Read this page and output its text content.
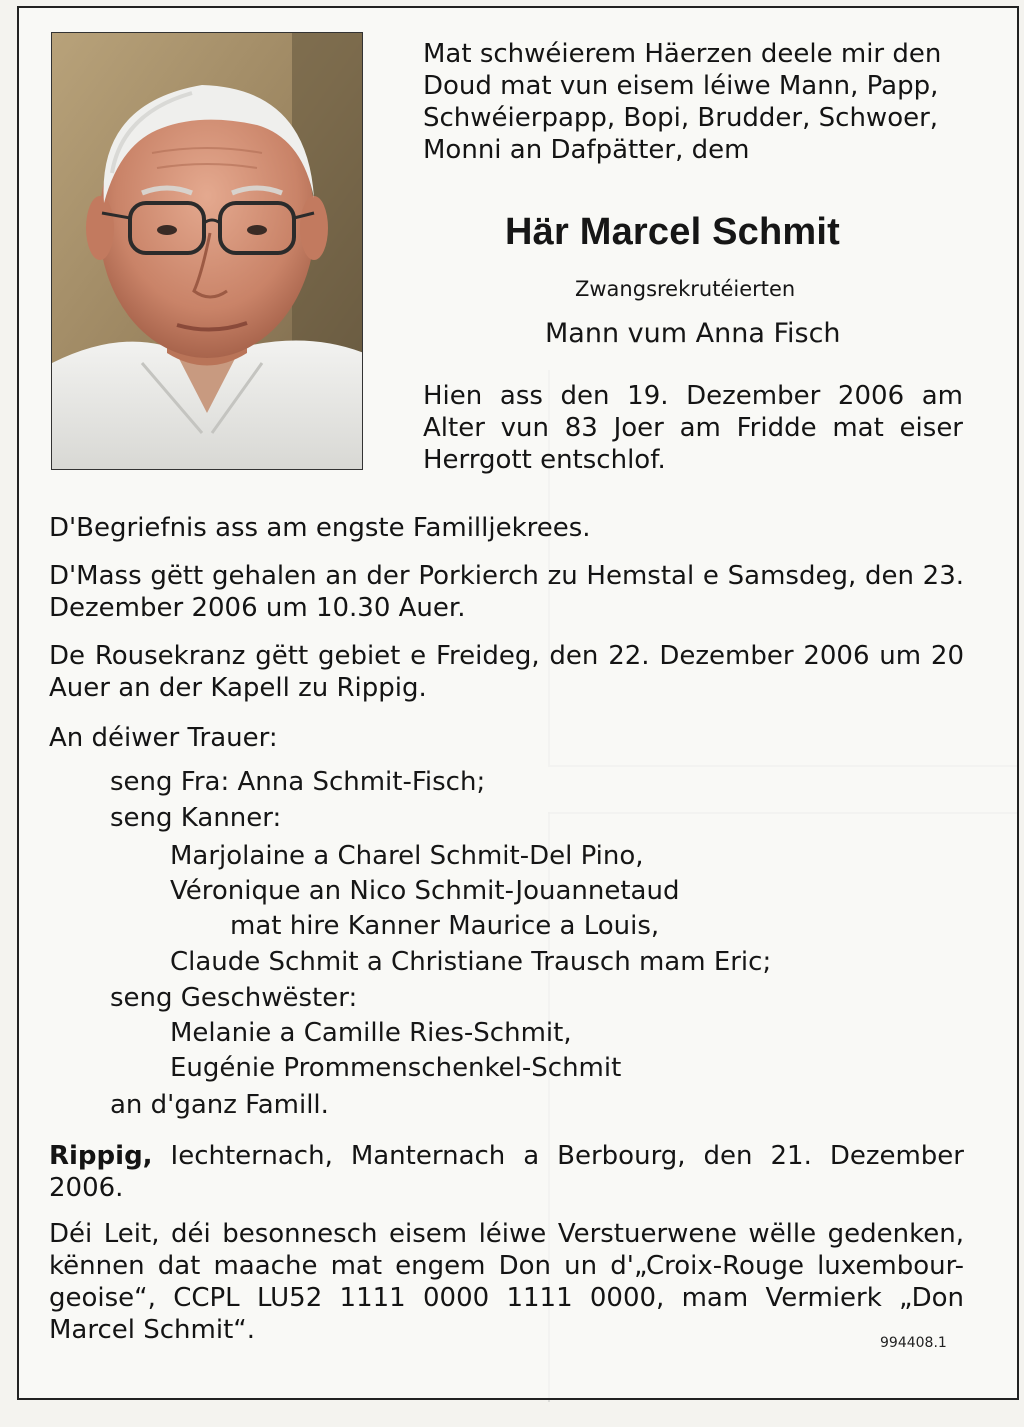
Mat schwéierem Häerzen deele mir den Doud mat vun eisem léiwe Mann, Papp, Schwéierpapp, Bopi, Brudder, Schwoer, Monni an Dafpätter, dem
Här Marcel Schmit
Zwangsrekrutéierten
Mann vum Anna Fisch
Hien ass den 19. Dezember 2006 am Alter vun 83 Joer am Fridde mat eiser Herrgott entschlof.
D'Begriefnis ass am engste Familljekrees.
D'Mass gëtt gehalen an der Porkierch zu Hemstal e Samsdeg, den 23. Dezember 2006 um 10.30 Auer.
De Rousekranz gëtt gebiet e Freideg, den 22. Dezember 2006 um 20 Auer an der Kapell zu Rippig.
An déiwer Trauer:
seng Fra: Anna Schmit-Fisch;
seng Kanner:
Marjolaine a Charel Schmit-Del Pino,
Véronique an Nico Schmit-Jouannetaud
mat hire Kanner Maurice a Louis,
Claude Schmit a Christiane Trausch mam Eric;
seng Geschwëster:
Melanie a Camille Ries-Schmit,
Eugénie Prommenschenkel-Schmit
an d'ganz Famill.
Rippig, Iechternach, Manternach a Berbourg, den 21. Dezember 2006.
Déi Leit, déi besonnesch eisem léiwe Verstuerwene wëlle gedenken, kënnen dat maache mat engem Don un d'„Croix-Rouge luxembour-geoise“, CCPL LU52 1111 0000 1111 0000, mam Vermierk „Don Marcel Schmit“.	994408.1
